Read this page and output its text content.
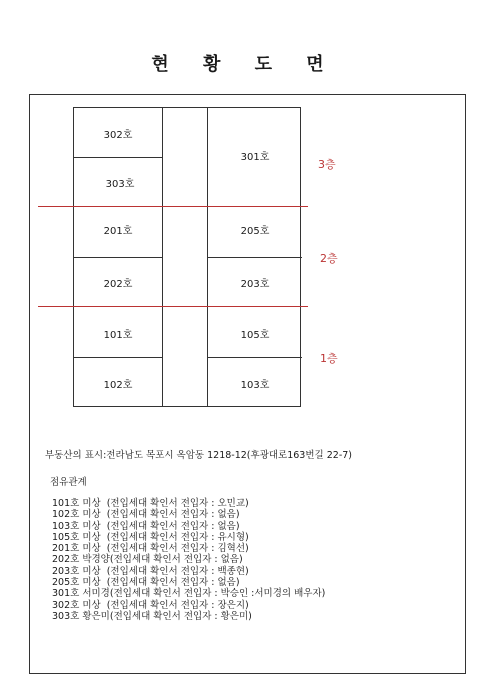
현 황 도 면
302호
303호
201호
202호
101호
102호
301호
205호
203호
105호
103호
3층
2층
1층
부동산의 표시:전라남도 목포시 옥암동 1218-12(후광대로163번길 22-7)
점유관계
101호 미상  (전입세대 확인서 전입자 : 오민교)
102호 미상  (전입세대 확인서 전입자 : 없음)
103호 미상  (전입세대 확인서 전입자 : 없음)
105호 미상  (전입세대 확인서 전입자 : 유시형)
201호 미상  (전입세대 확인서 전입자 : 김혁선)
202호 박경양(전입세대 확인서 전입자 : 없음)
203호 미상  (전입세대 확인서 전입자 : 백종현)
205호 미상  (전입세대 확인서 전입자 : 없음)
301호 서미경(전입세대 확인서 전입자 : 박승인 :서미경의 배우자)
302호 미상  (전입세대 확인서 전입자 : 장은지)
303호 황은미(전입세대 확인서 전입자 : 황은미)
